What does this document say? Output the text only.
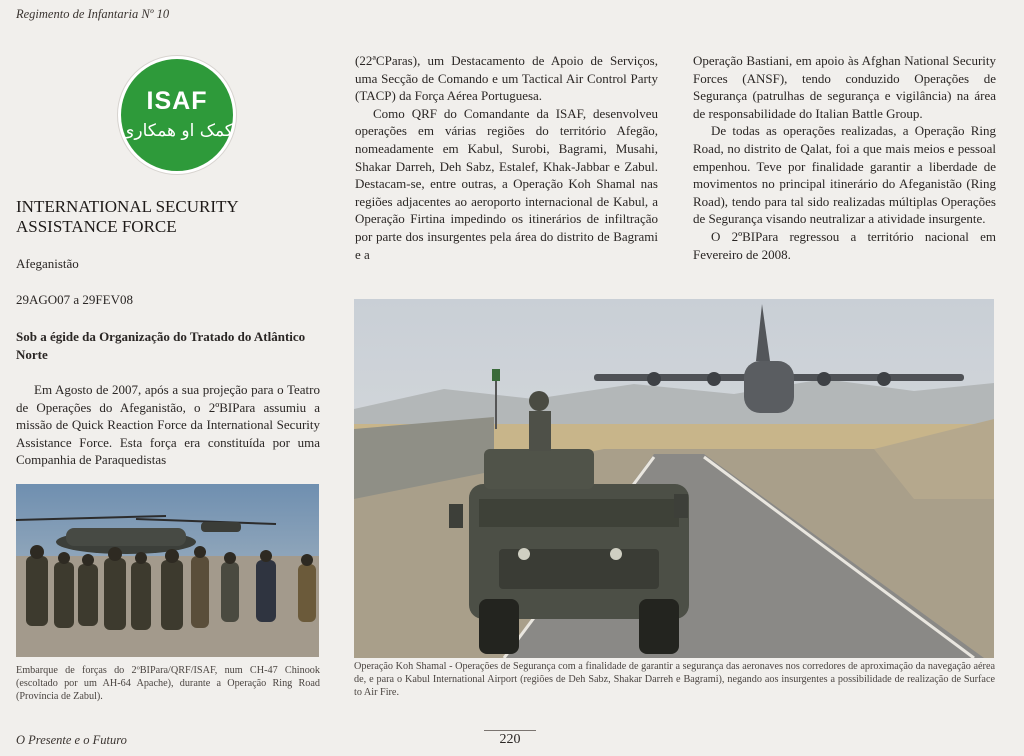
Regimento de Infantaria Nº 10
ISAF
کمک او همکاری
INTERNATIONAL SECURITY ASSISTANCE FORCE
Afeganistão
29AGO07 a 29FEV08
Sob a égide da Organização do Tratado do Atlântico Norte

Em Agosto de 2007, após a sua projeção para o Teatro de Operações do Afeganistão, o 2ºBIPara assumiu a missão de Quick Reaction Force da International Security Assistance Force. Esta força era constituída por uma Companhia de Paraquedistas

Embarque de forças do 2ºBIPara/QRF/ISAF, num CH-47 Chinook (escoltado por um AH-64 Apache), durante a Operação Ring Road (Província de Zabul).

(22ªCParas), um Destacamento de Apoio de Serviços, uma Secção de Comando e um Tactical Air Control Party (TACP) da Força Aérea Portuguesa.

Como QRF do Comandante da ISAF, desenvolveu operações em várias regiões do território Afegão, nomeadamente em Kabul, Surobi, Bagrami, Musahi, Shakar Darreh, Deh Sabz, Estalef, Khak-Jabbar e Zabul. Destacam-se, entre outras, a Operação Koh Shamal nas regiões adjacentes ao aeroporto internacional de Kabul, a Operação Firtina impedindo os itinerários de infiltração por parte dos insurgentes pela área do distrito de Bagrami e a

Operação Bastiani, em apoio às Afghan National Security Forces (ANSF), tendo conduzido Operações de Segurança (patrulhas de segurança e vigilância) na área de responsabilidade do Italian Battle Group.

De todas as operações realizadas, a Operação Ring Road, no distrito de Qalat, foi a que mais meios e pessoal empenhou. Teve por finalidade garantir a liberdade de movimentos no principal itinerário do Afeganistão (Ring Road), tendo para tal sido realizadas múltiplas Operações de Segurança visando neutralizar a atividade insurgente.

O 2ºBIPara regressou a território nacional em Fevereiro de 2008.

Operação Koh Shamal - Operações de Segurança com a finalidade de garantir a segurança das aeronaves nos corredores de aproximação da navegação aérea de, e para o Kabul International Airport (regiões de Deh Sabz, Shakar Darreh e Bagrami), negando aos insurgentes a possibilidade de realização de Surface to Air Fire.
O Presente e o Futuro	220
